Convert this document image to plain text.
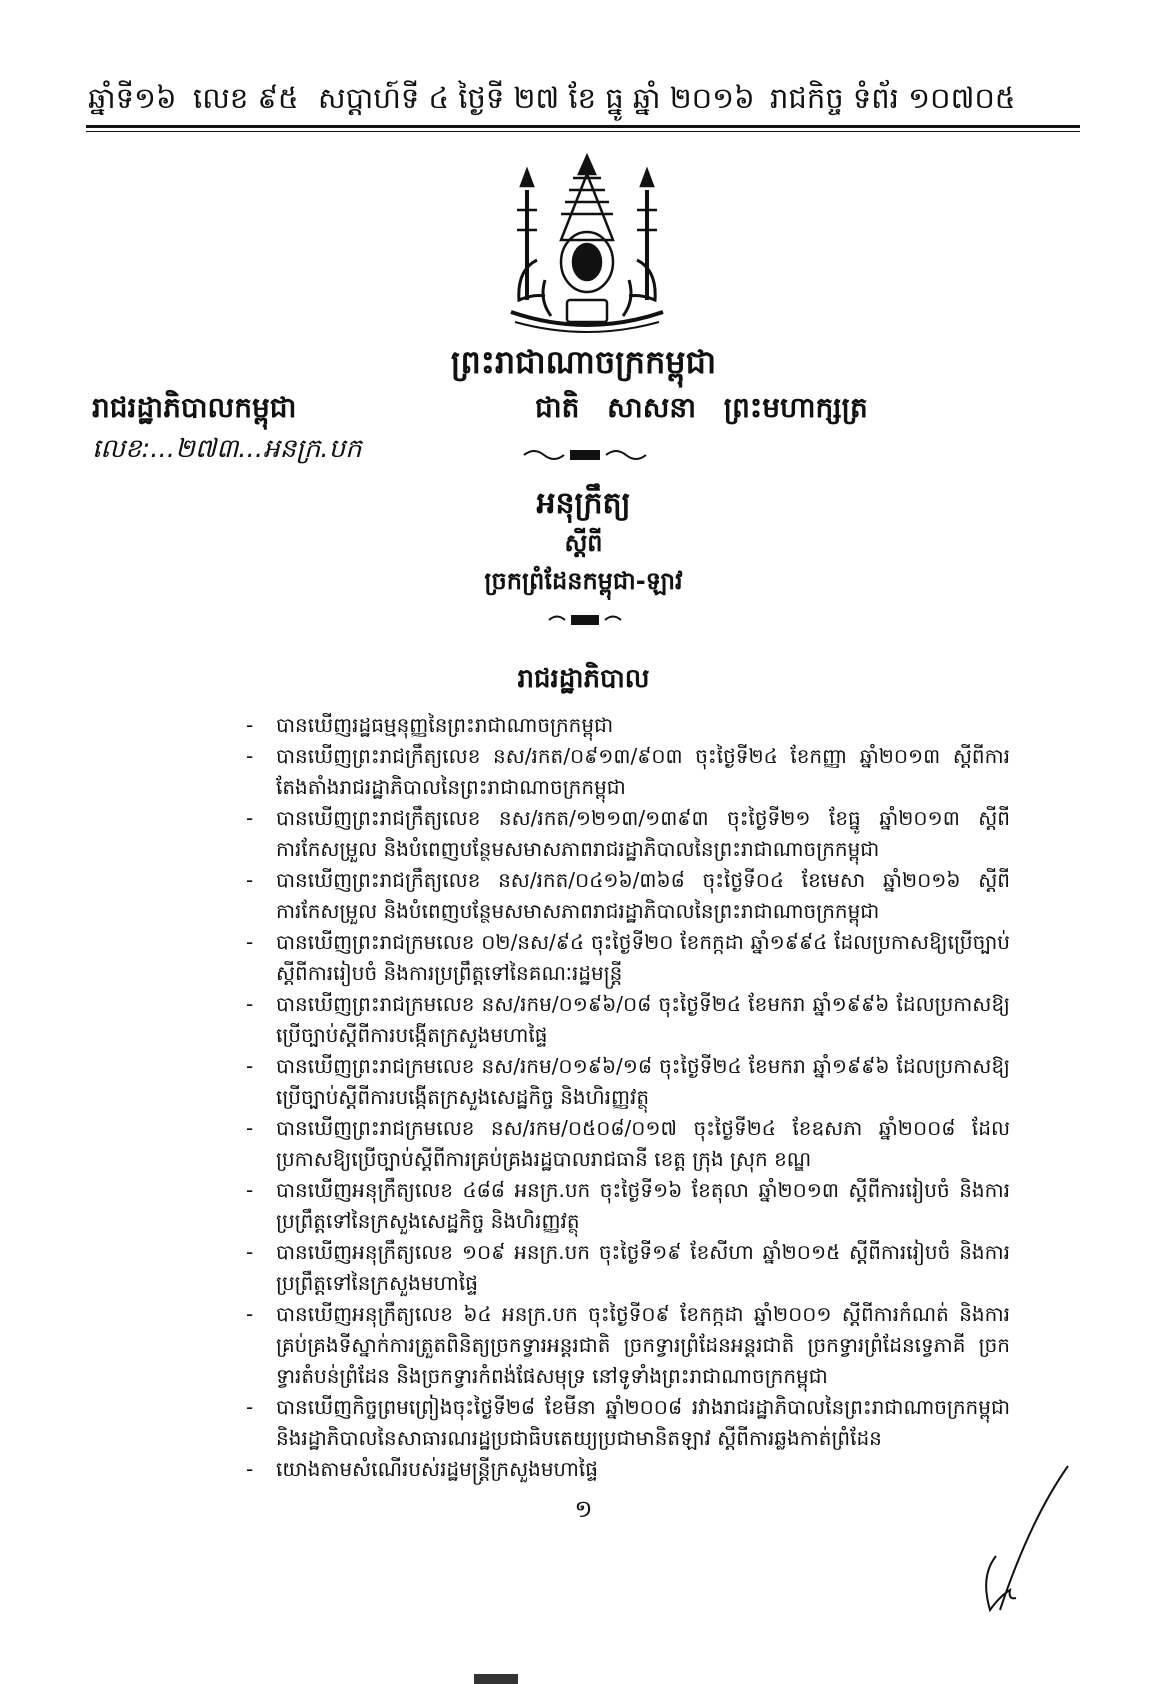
ឆ្នាំទី១៦ លេខ ៩៥ សប្តាហ៍ទី ៤ ថ្ងៃទី ២៧ ខែ ធ្នូ ឆ្នាំ ២០១៦ រាជកិច្ច ទំព័រ ១០៧០៥
ព្រះរាជាណាចក្រកម្ពុជា
រាជរដ្ឋាភិបាលកម្ពុជា	ជាតិ សាសនា ព្រះមហាក្សត្រ
លេខ:...២៧៣...អនក្រ.បក
អនុក្រឹត្យ
ស្តីពី
ច្រកព្រំដែនកម្ពុជា-ឡាវ
រាជរដ្ឋាភិបាល
- បានឃើញរដ្ឋធម្មនុញ្ញនៃព្រះរាជាណាចក្រកម្ពុជា
- បានឃើញព្រះរាជក្រឹត្យលេខ នស/រកត/០៩១៣/៩០៣ ចុះថ្ងៃទី២៤ ខែកញ្ញា ឆ្នាំ២០១៣ ស្តីពីការតែងតាំងរាជរដ្ឋាភិបាលនៃព្រះរាជាណាចក្រកម្ពុជា
- បានឃើញព្រះរាជក្រឹត្យលេខ នស/រកត/១២១៣/១៣៩៣ ចុះថ្ងៃទី២១ ខែធ្នូ ឆ្នាំ២០១៣ ស្តីពីការកែសម្រួល និងបំពេញបន្ថែមសមាសភាពរាជរដ្ឋាភិបាលនៃព្រះរាជាណាចក្រកម្ពុជា
- បានឃើញព្រះរាជក្រឹត្យលេខ នស/រកត/០៤១៦/៣៦៨ ចុះថ្ងៃទី០៤ ខែមេសា ឆ្នាំ២០១៦ ស្តីពីការកែសម្រួល និងបំពេញបន្ថែមសមាសភាពរាជរដ្ឋាភិបាលនៃព្រះរាជាណាចក្រកម្ពុជា
- បានឃើញព្រះរាជក្រមលេខ ០២/នស/៩៤ ចុះថ្ងៃទី២០ ខែកក្កដា ឆ្នាំ១៩៩៤ ដែលប្រកាសឱ្យប្រើច្បាប់ស្តីពីការរៀបចំ និងការប្រព្រឹត្តទៅនៃគណៈរដ្ឋមន្ត្រី
- បានឃើញព្រះរាជក្រមលេខ នស/រកម/០១៩៦/០៨ ចុះថ្ងៃទី២៤ ខែមករា ឆ្នាំ១៩៩៦ ដែលប្រកាសឱ្យប្រើច្បាប់ស្តីពីការបង្កើតក្រសួងមហាផ្ទៃ
- បានឃើញព្រះរាជក្រមលេខ នស/រកម/០១៩៦/១៨ ចុះថ្ងៃទី២៤ ខែមករា ឆ្នាំ១៩៩៦ ដែលប្រកាសឱ្យប្រើច្បាប់ស្តីពីការបង្កើតក្រសួងសេដ្ឋកិច្ច និងហិរញ្ញវត្ថុ
- បានឃើញព្រះរាជក្រមលេខ នស/រកម/០៥០៨/០១៧ ចុះថ្ងៃទី២៤ ខែឧសភា ឆ្នាំ២០០៨ ដែលប្រកាសឱ្យប្រើច្បាប់ស្តីពីការគ្រប់គ្រងរដ្ឋបាលរាជធានី ខេត្ត ក្រុង ស្រុក ខណ្ឌ
- បានឃើញអនុក្រឹត្យលេខ ៤៨៨ អនក្រ.បក ចុះថ្ងៃទី១៦ ខែតុលា ឆ្នាំ២០១៣ ស្តីពីការរៀបចំ និងការប្រព្រឹត្តទៅនៃក្រសួងសេដ្ឋកិច្ច និងហិរញ្ញវត្ថុ
- បានឃើញអនុក្រឹត្យលេខ ១០៩ អនក្រ.បក ចុះថ្ងៃទី១៩ ខែសីហា ឆ្នាំ២០១៥ ស្តីពីការរៀបចំ និងការប្រព្រឹត្តទៅនៃក្រសួងមហាផ្ទៃ
- បានឃើញអនុក្រឹត្យលេខ ៦៤ អនក្រ.បក ចុះថ្ងៃទី០៩ ខែកក្កដា ឆ្នាំ២០០១ ស្តីពីការកំណត់ និងការគ្រប់គ្រងទីស្នាក់ការត្រួតពិនិត្យច្រកទ្វារអន្តរជាតិ ច្រកទ្វារព្រំដែនអន្តរជាតិ ច្រកទ្វារព្រំដែនទ្វេភាគី ច្រកទ្វារតំបន់ព្រំដែន និងច្រកទ្វារកំពង់ផែសមុទ្រ នៅទូទាំងព្រះរាជាណាចក្រកម្ពុជា
- បានឃើញកិច្ចព្រមព្រៀងចុះថ្ងៃទី២៨ ខែមីនា ឆ្នាំ២០០៨ រវាងរាជរដ្ឋាភិបាលនៃព្រះរាជាណាចក្រកម្ពុជា និងរដ្ឋាភិបាលនៃសាធារណរដ្ឋប្រជាធិបតេយ្យប្រជាមានិតឡាវ ស្តីពីការឆ្លងកាត់ព្រំដែន
- យោងតាមសំណើរបស់រដ្ឋមន្ត្រីក្រសួងមហាផ្ទៃ
១
